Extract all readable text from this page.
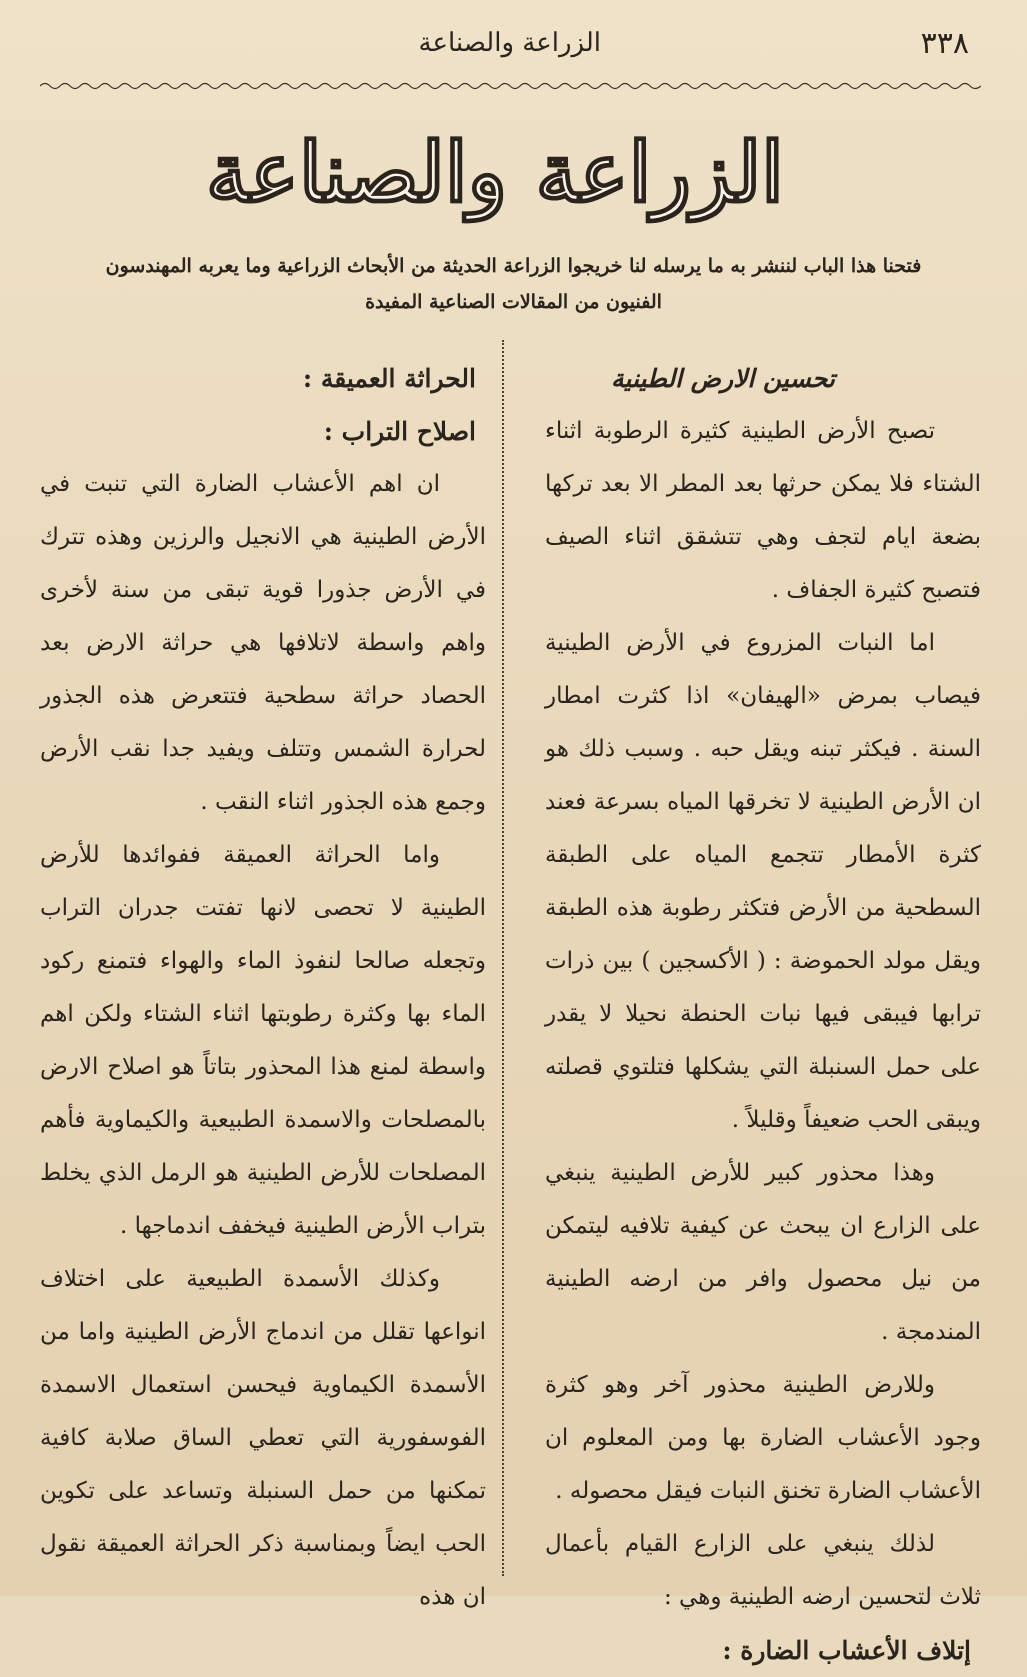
٣٣٨
الزراعة والصناعة
الزراعة والصناعة
فتحنا هذا الباب لننشر به ما يرسله لنا خريجوا الزراعة الحديثة من الأبحاث الزراعية وما يعربه المهندسون الفنيون من المقالات الصناعية المفيدة

تحسين الارض الطينية

تصبح الأرض الطينية كثيرة الرطوبة اثناء الشتاء فلا يمكن حرثها بعد المطر الا بعد تركها بضعة ايام لتجف وهي تتشقق اثناء الصيف فتصبح كثيرة الجفاف .

اما النبات المزروع في الأرض الطينية فيصاب بمرض «الهيفان» اذا كثرت امطار السنة . فيكثر تبنه ويقل حبه . وسبب ذلك هو ان الأرض الطينية لا تخرقها المياه بسرعة فعند كثرة الأمطار تتجمع المياه على الطبقة السطحية من الأرض فتكثر رطوبة هذه الطبقة ويقل مولد الحموضة : ( الأكسجين ) بين ذرات ترابها فيبقى فيها نبات الحنطة نحيلا لا يقدر على حمل السنبلة التي يشكلها فتلتوي قصلته ويبقى الحب ضعيفاً وقليلاً .

وهذا محذور كبير للأرض الطينية ينبغي على الزارع ان يبحث عن كيفية تلافيه ليتمكن من نيل محصول وافر من ارضه الطينية المندمجة .

وللارض الطينية محذور آخر وهو كثرة وجود الأعشاب الضارة بها ومن المعلوم ان الأعشاب الضارة تخنق النبات فيقل محصوله .

لذلك ينبغي على الزارع القيام بأعمال ثلاث لتحسين ارضه الطينية وهي :

إتلاف الأعشاب الضارة :

الحراثة العميقة :

اصلاح التراب :

ان اهم الأعشاب الضارة التي تنبت في الأرض الطينية هي الانجيل والرزين وهذه تترك في الأرض جذورا قوية تبقى من سنة لأخرى واهم واسطة لاتلافها هي حراثة الارض بعد الحصاد حراثة سطحية فتتعرض هذه الجذور لحرارة الشمس وتتلف ويفيد جدا نقب الأرض وجمع هذه الجذور اثناء النقب .

واما الحراثة العميقة ففوائدها للأرض الطينية لا تحصى لانها تفتت جدران التراب وتجعله صالحا لنفوذ الماء والهواء فتمنع ركود الماء بها وكثرة رطوبتها اثناء الشتاء ولكن اهم واسطة لمنع هذا المحذور بتاتاً هو اصلاح الارض بالمصلحات والاسمدة الطبيعية والكيماوية فأهم المصلحات للأرض الطينية هو الرمل الذي يخلط بتراب الأرض الطينية فيخفف اندماجها .

وكذلك الأسمدة الطبيعية على اختلاف انواعها تقلل من اندماج الأرض الطينية واما من الأسمدة الكيماوية فيحسن استعمال الاسمدة الفوسفورية التي تعطي الساق صلابة كافية تمكنها من حمل السنبلة وتساعد على تكوين الحب ايضاً وبمناسبة ذكر الحراثة العميقة نقول ان هذه
